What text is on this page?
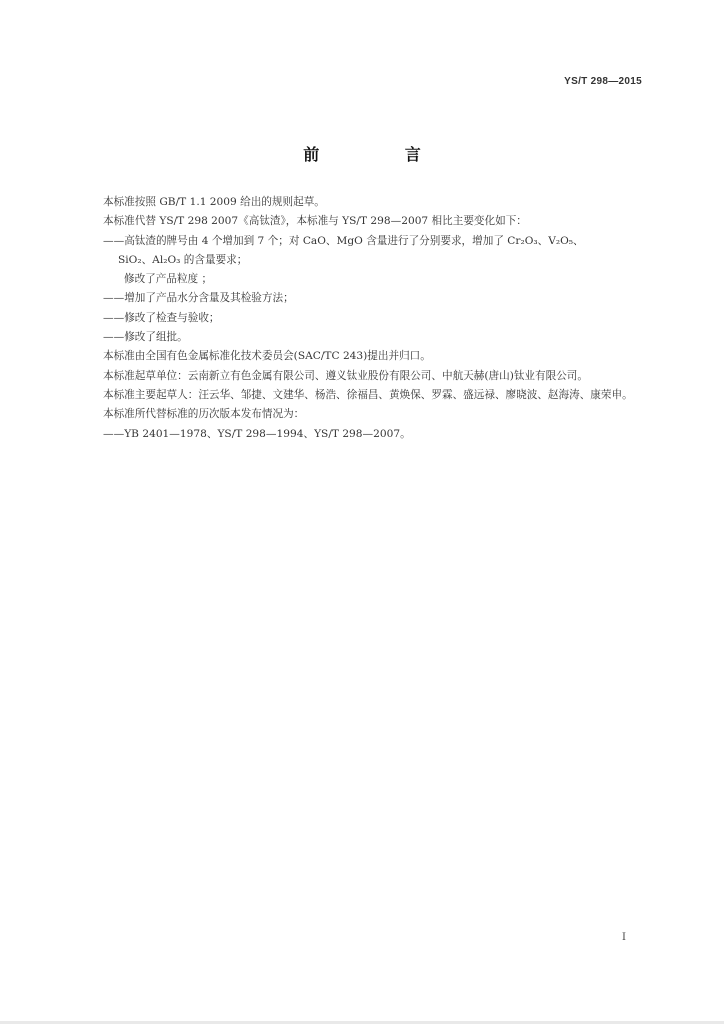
YS/T 298—2015
前 言

本标准按照 GB/T 1.1 2009 给出的规则起草。

本标准代替 YS/T 298 2007《高钛渣》，本标准与 YS/T 298—2007 相比主要变化如下：

——高钛渣的牌号由 4 个增加到 7 个；对 CaO、MgO 含量进行了分别要求，增加了 Cr₂O₃、V₂O₅、

SiO₂、Al₂O₃ 的含量要求；

修改了产品粒度 ；

——增加了产品水分含量及其检验方法；

——修改了检查与验收；

——修改了组批。

本标准由全国有色金属标准化技术委员会(SAC/TC 243)提出并归口。

本标准起草单位：云南新立有色金属有限公司、遵义钛业股份有限公司、中航天赫(唐山)钛业有限公司。

本标准主要起草人：汪云华、邹捷、文建华、杨浩、徐福昌、黄焕保、罗霖、盛远禄、廖晓波、赵海涛、康荣申。

本标准所代替标准的历次版本发布情况为：

——YB 2401—1978、YS/T 298—1994、YS/T 298—2007。

I
